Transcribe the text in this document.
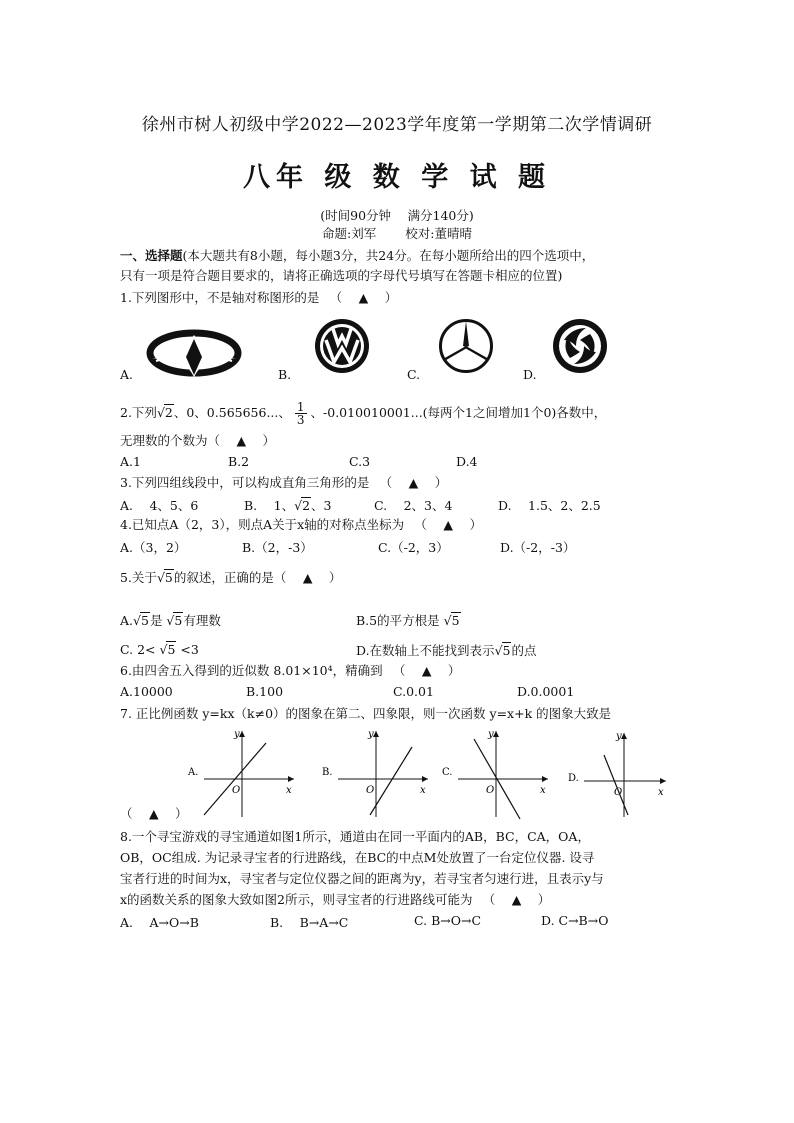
徐州市树人初级中学2022—2023学年度第一学期第二次学情调研
八年 级 数 学 试 题
(时间90分钟 　满分140分)
命题:刘军 　　校对:董晴晴
一、选择题(本大题共有8小题，每小题3分，共24分。在每小题所给出的四个选项中，
只有一项是符合题目要求的，请将正确选项的字母代号填写在答题卡相应的位置)
1.下列图形中，不是轴对称图形的是 　（ 　▲ 　）
A.	B.	C.	D.
2.下列√2、0、0.565656...、 $\frac{1}{3}$ 、-0.010010001...(每两个1之间增加1个0)各数中，
无理数的个数为（ 　▲ 　）
A.1	B.2	C.3	D.4
3.下列四组线段中，可以构成直角三角形的是 　（ 　▲ 　）
A. 　4、5、6	B. 　1、√2、3	C. 　2、3、4	D. 　1.5、2、2.5
4.已知点A（2，3），则点A关于x轴的对称点坐标为 　（ 　▲ 　）
A.（3，2）	B.（2，-3）	C.（-2，3）	D.（-2，-3）
5.关于√5的叙述，正确的是（ 　▲ 　）
A.√5是 √5有理数	B.5的平方根是 √5
C. 2< √5 <3	D.在数轴上不能找到表示√5的点
6.由四舍五入得到的近似数 8.01×10⁴，精确到 　（ 　▲ 　）
A.10000	B.100	C.0.01	D.0.0001
7. 正比例函数 y=kx（k≠0）的图象在第二、四象限，则一次函数 y=x+k 的图象大致是
A.
x
y
O
B.
x
y
O
C.
x
y
O
D.
x
y
O
（ 　▲ 　）
8.一个寻宝游戏的寻宝通道如图1所示，通道由在同一平面内的AB，BC，CA，OA，
OB，OC组成. 为记录寻宝者的行进路线，在BC的中点M处放置了一台定位仪器. 设寻
宝者行进的时间为x，寻宝者与定位仪器之间的距离为y，若寻宝者匀速行进，且表示y与
x的函数关系的图象大致如图2所示，则寻宝者的行进路线可能为 　（ 　▲ 　）
A. 　A→O→B	B. 　B→A→C	C. B→O→C	D. C→B→O
